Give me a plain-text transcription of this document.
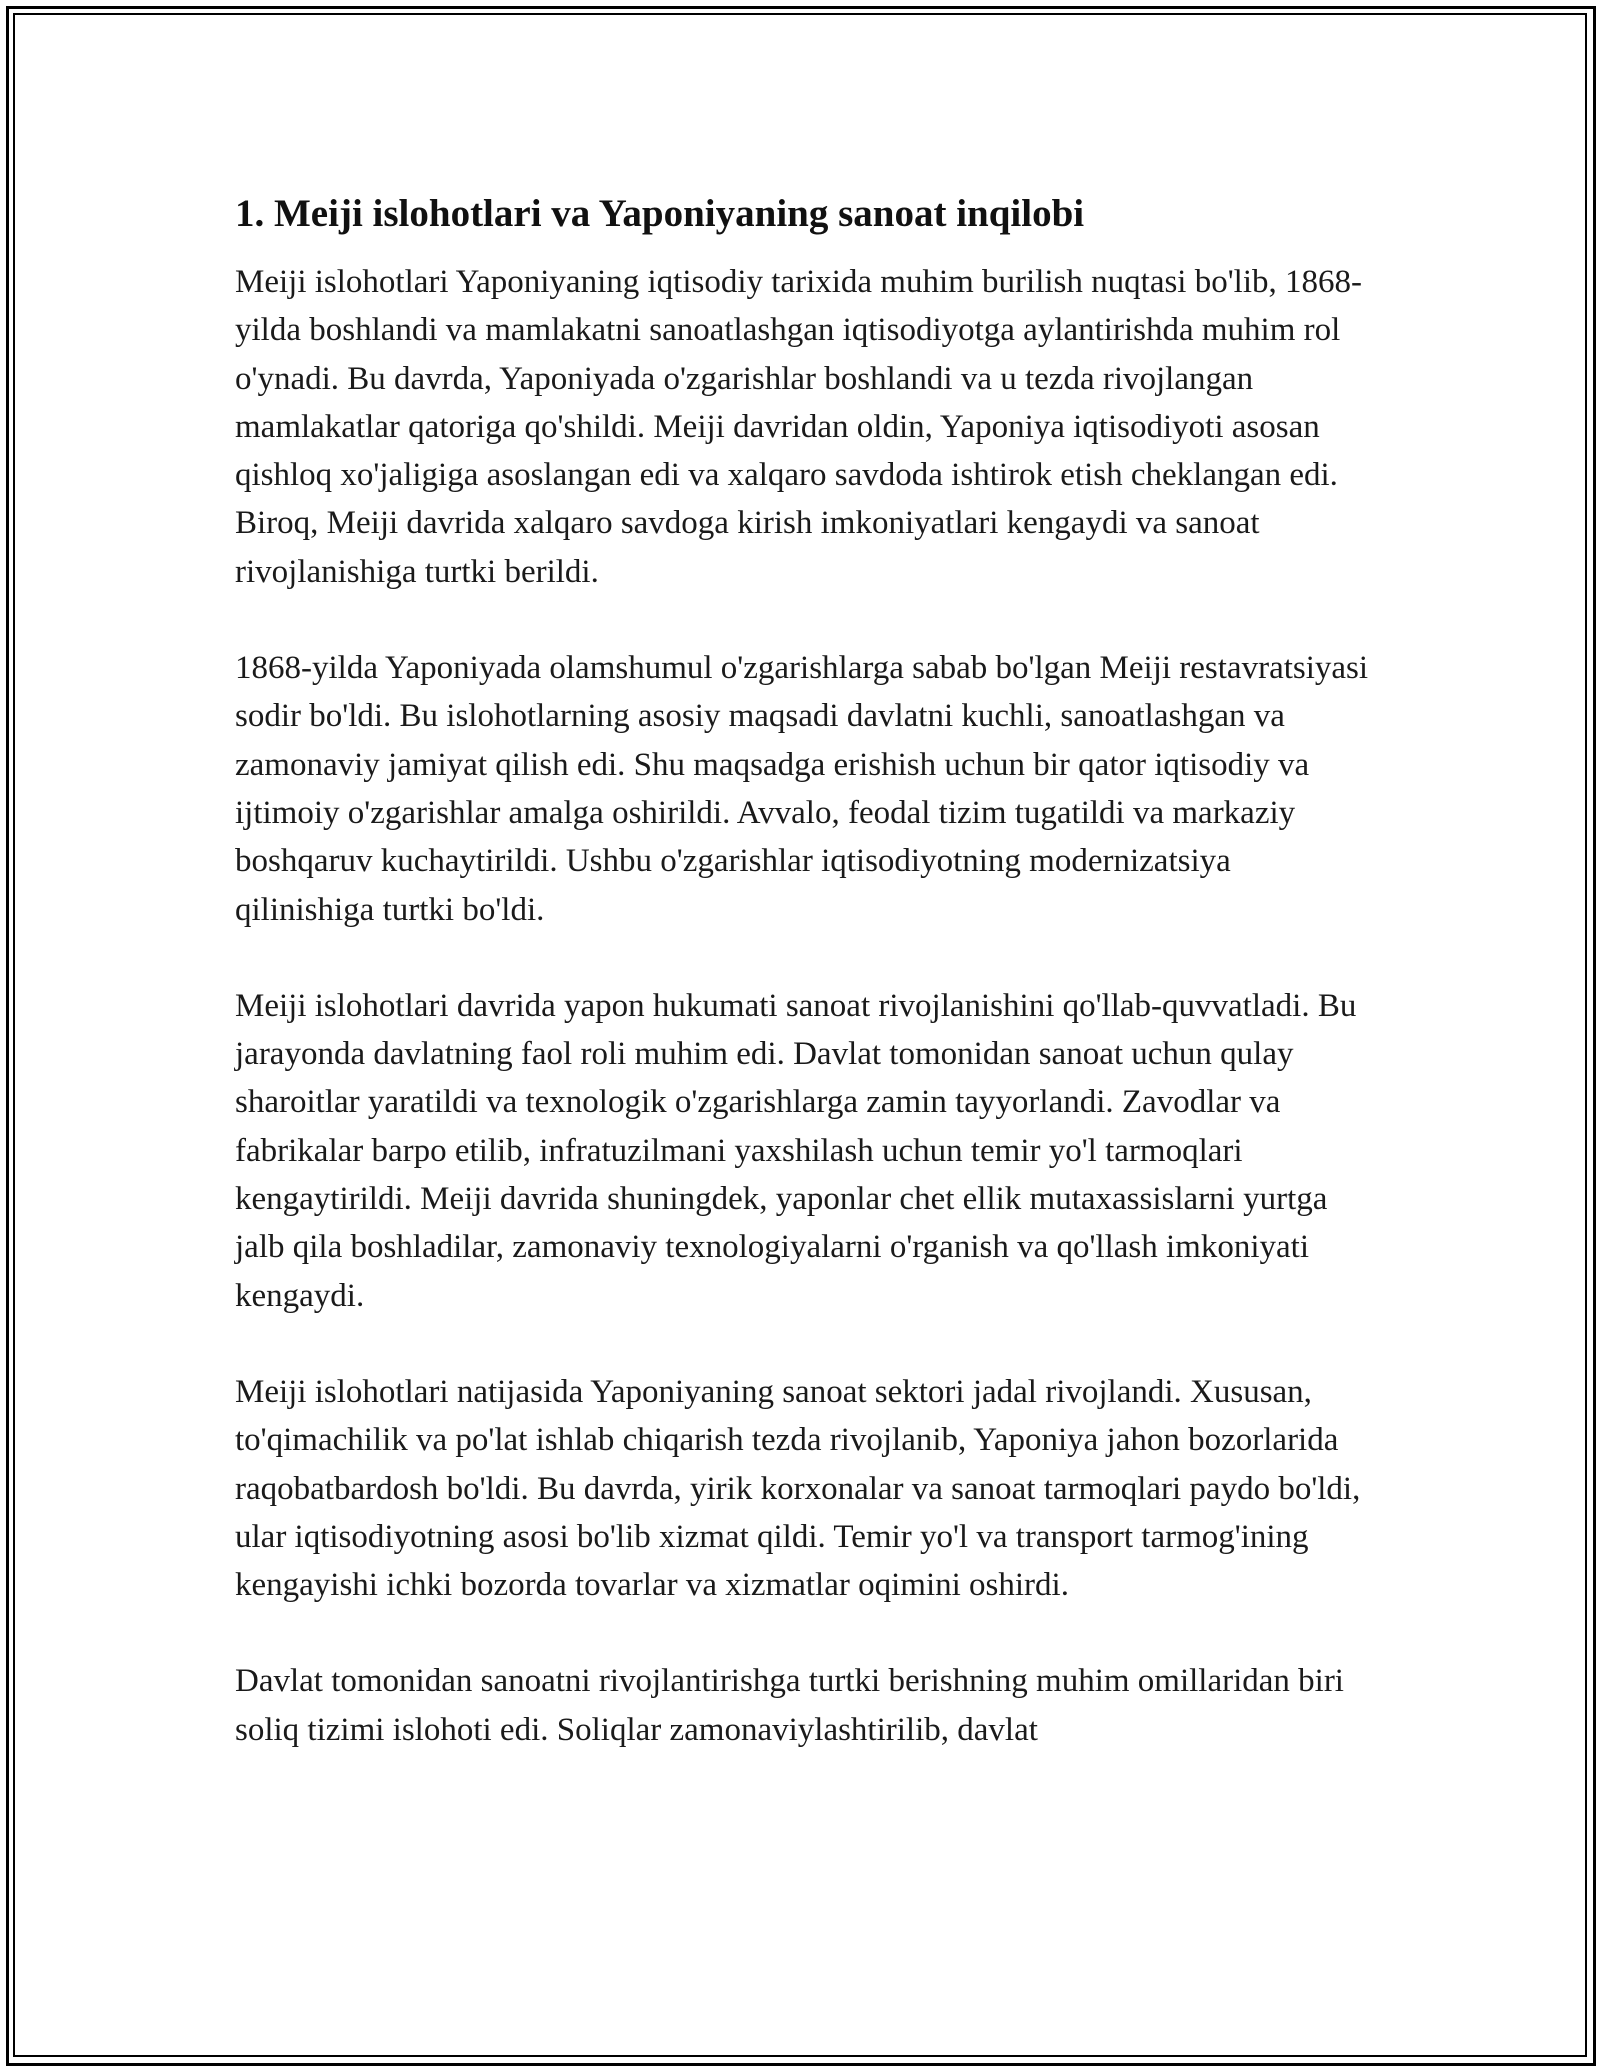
1. Meiji islohotlari va Yaponiyaning sanoat inqilobi

Meiji islohotlari Yaponiyaning iqtisodiy tarixida muhim burilish nuqtasi bo'lib, 1868-yilda boshlandi va mamlakatni sanoatlashgan iqtisodiyotga aylantirishda muhim rol o'ynadi. Bu davrda, Yaponiyada o'zgarishlar boshlandi va u tezda rivojlangan mamlakatlar qatoriga qo'shildi. Meiji davridan oldin, Yaponiya iqtisodiyoti asosan qishloq xo'jaligiga asoslangan edi va xalqaro savdoda ishtirok etish cheklangan edi. Biroq, Meiji davrida xalqaro savdoga kirish imkoniyatlari kengaydi va sanoat rivojlanishiga turtki berildi.

1868-yilda Yaponiyada olamshumul o'zgarishlarga sabab bo'lgan Meiji restavratsiyasi sodir bo'ldi. Bu islohotlarning asosiy maqsadi davlatni kuchli, sanoatlashgan va zamonaviy jamiyat qilish edi. Shu maqsadga erishish uchun bir qator iqtisodiy va ijtimoiy o'zgarishlar amalga oshirildi. Avvalo, feodal tizim tugatildi va markaziy boshqaruv kuchaytirildi. Ushbu o'zgarishlar iqtisodiyotning modernizatsiya qilinishiga turtki bo'ldi.

Meiji islohotlari davrida yapon hukumati sanoat rivojlanishini qo'llab-quvvatladi. Bu jarayonda davlatning faol roli muhim edi. Davlat tomonidan sanoat uchun qulay sharoitlar yaratildi va texnologik o'zgarishlarga zamin tayyorlandi. Zavodlar va fabrikalar barpo etilib, infratuzilmani yaxshilash uchun temir yo'l tarmoqlari kengaytirildi. Meiji davrida shuningdek, yaponlar chet ellik mutaxassislarni yurtga jalb qila boshladilar, zamonaviy texnologiyalarni o'rganish va qo'llash imkoniyati kengaydi.

Meiji islohotlari natijasida Yaponiyaning sanoat sektori jadal rivojlandi. Xususan, to'qimachilik va po'lat ishlab chiqarish tezda rivojlanib, Yaponiya jahon bozorlarida raqobatbardosh bo'ldi. Bu davrda, yirik korxonalar va sanoat tarmoqlari paydo bo'ldi, ular iqtisodiyotning asosi bo'lib xizmat qildi. Temir yo'l va transport tarmog'ining kengayishi ichki bozorda tovarlar va xizmatlar oqimini oshirdi.

Davlat tomonidan sanoatni rivojlantirishga turtki berishning muhim omillaridan biri soliq tizimi islohoti edi. Soliqlar zamonaviylashtirilib, davlat
